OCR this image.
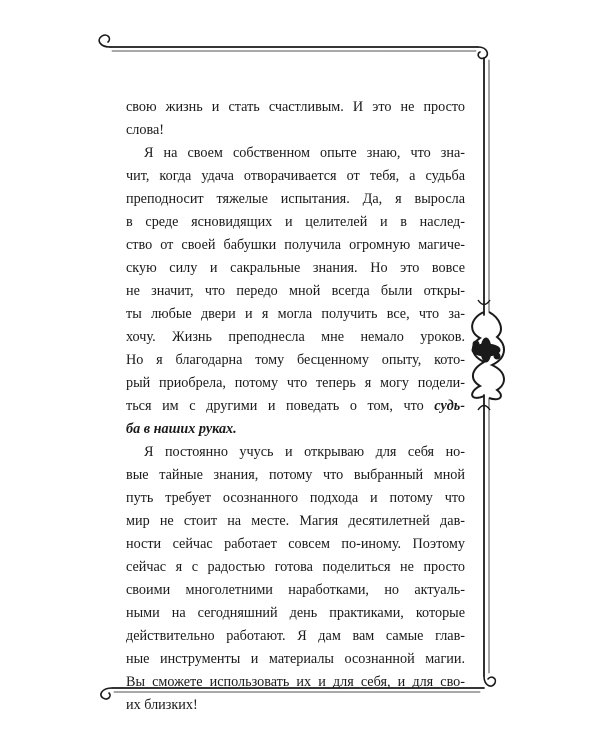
свою жизнь и стать счастливым. И это не просто
слова!

Я на своем собственном опыте знаю, что зна-
чит, когда удача отворачивается от тебя, а судьба
преподносит тяжелые испытания. Да, я выросла
в среде ясновидящих и целителей и в наслед-
ство от своей бабушки получила огромную магиче-
скую силу и сакральные знания. Но это вовсе
не значит, что передо мной всегда были откры-
ты любые двери и я могла получить все, что за-
хочу. Жизнь преподнесла мне немало уроков.
Но я благодарна тому бесценному опыту, кото-
рый приобрела, потому что теперь я могу подели-
ться им с другими и поведать о том, что судь-
ба в наших руках.

Я постоянно учусь и открываю для себя но-
вые тайные знания, потому что выбранный мной
путь требует осознанного подхода и потому что
мир не стоит на месте. Магия десятилетней дав-
ности сейчас работает совсем по-иному. Поэтому
сейчас я с радостью готова поделиться не просто
своими многолетними наработками, но актуаль-
ными на сегодняшний день практиками, которые
действительно работают. Я дам вам самые глав-
ные инструменты и материалы осознанной магии.
Вы сможете использовать их и для себя, и для сво-
их близких!
